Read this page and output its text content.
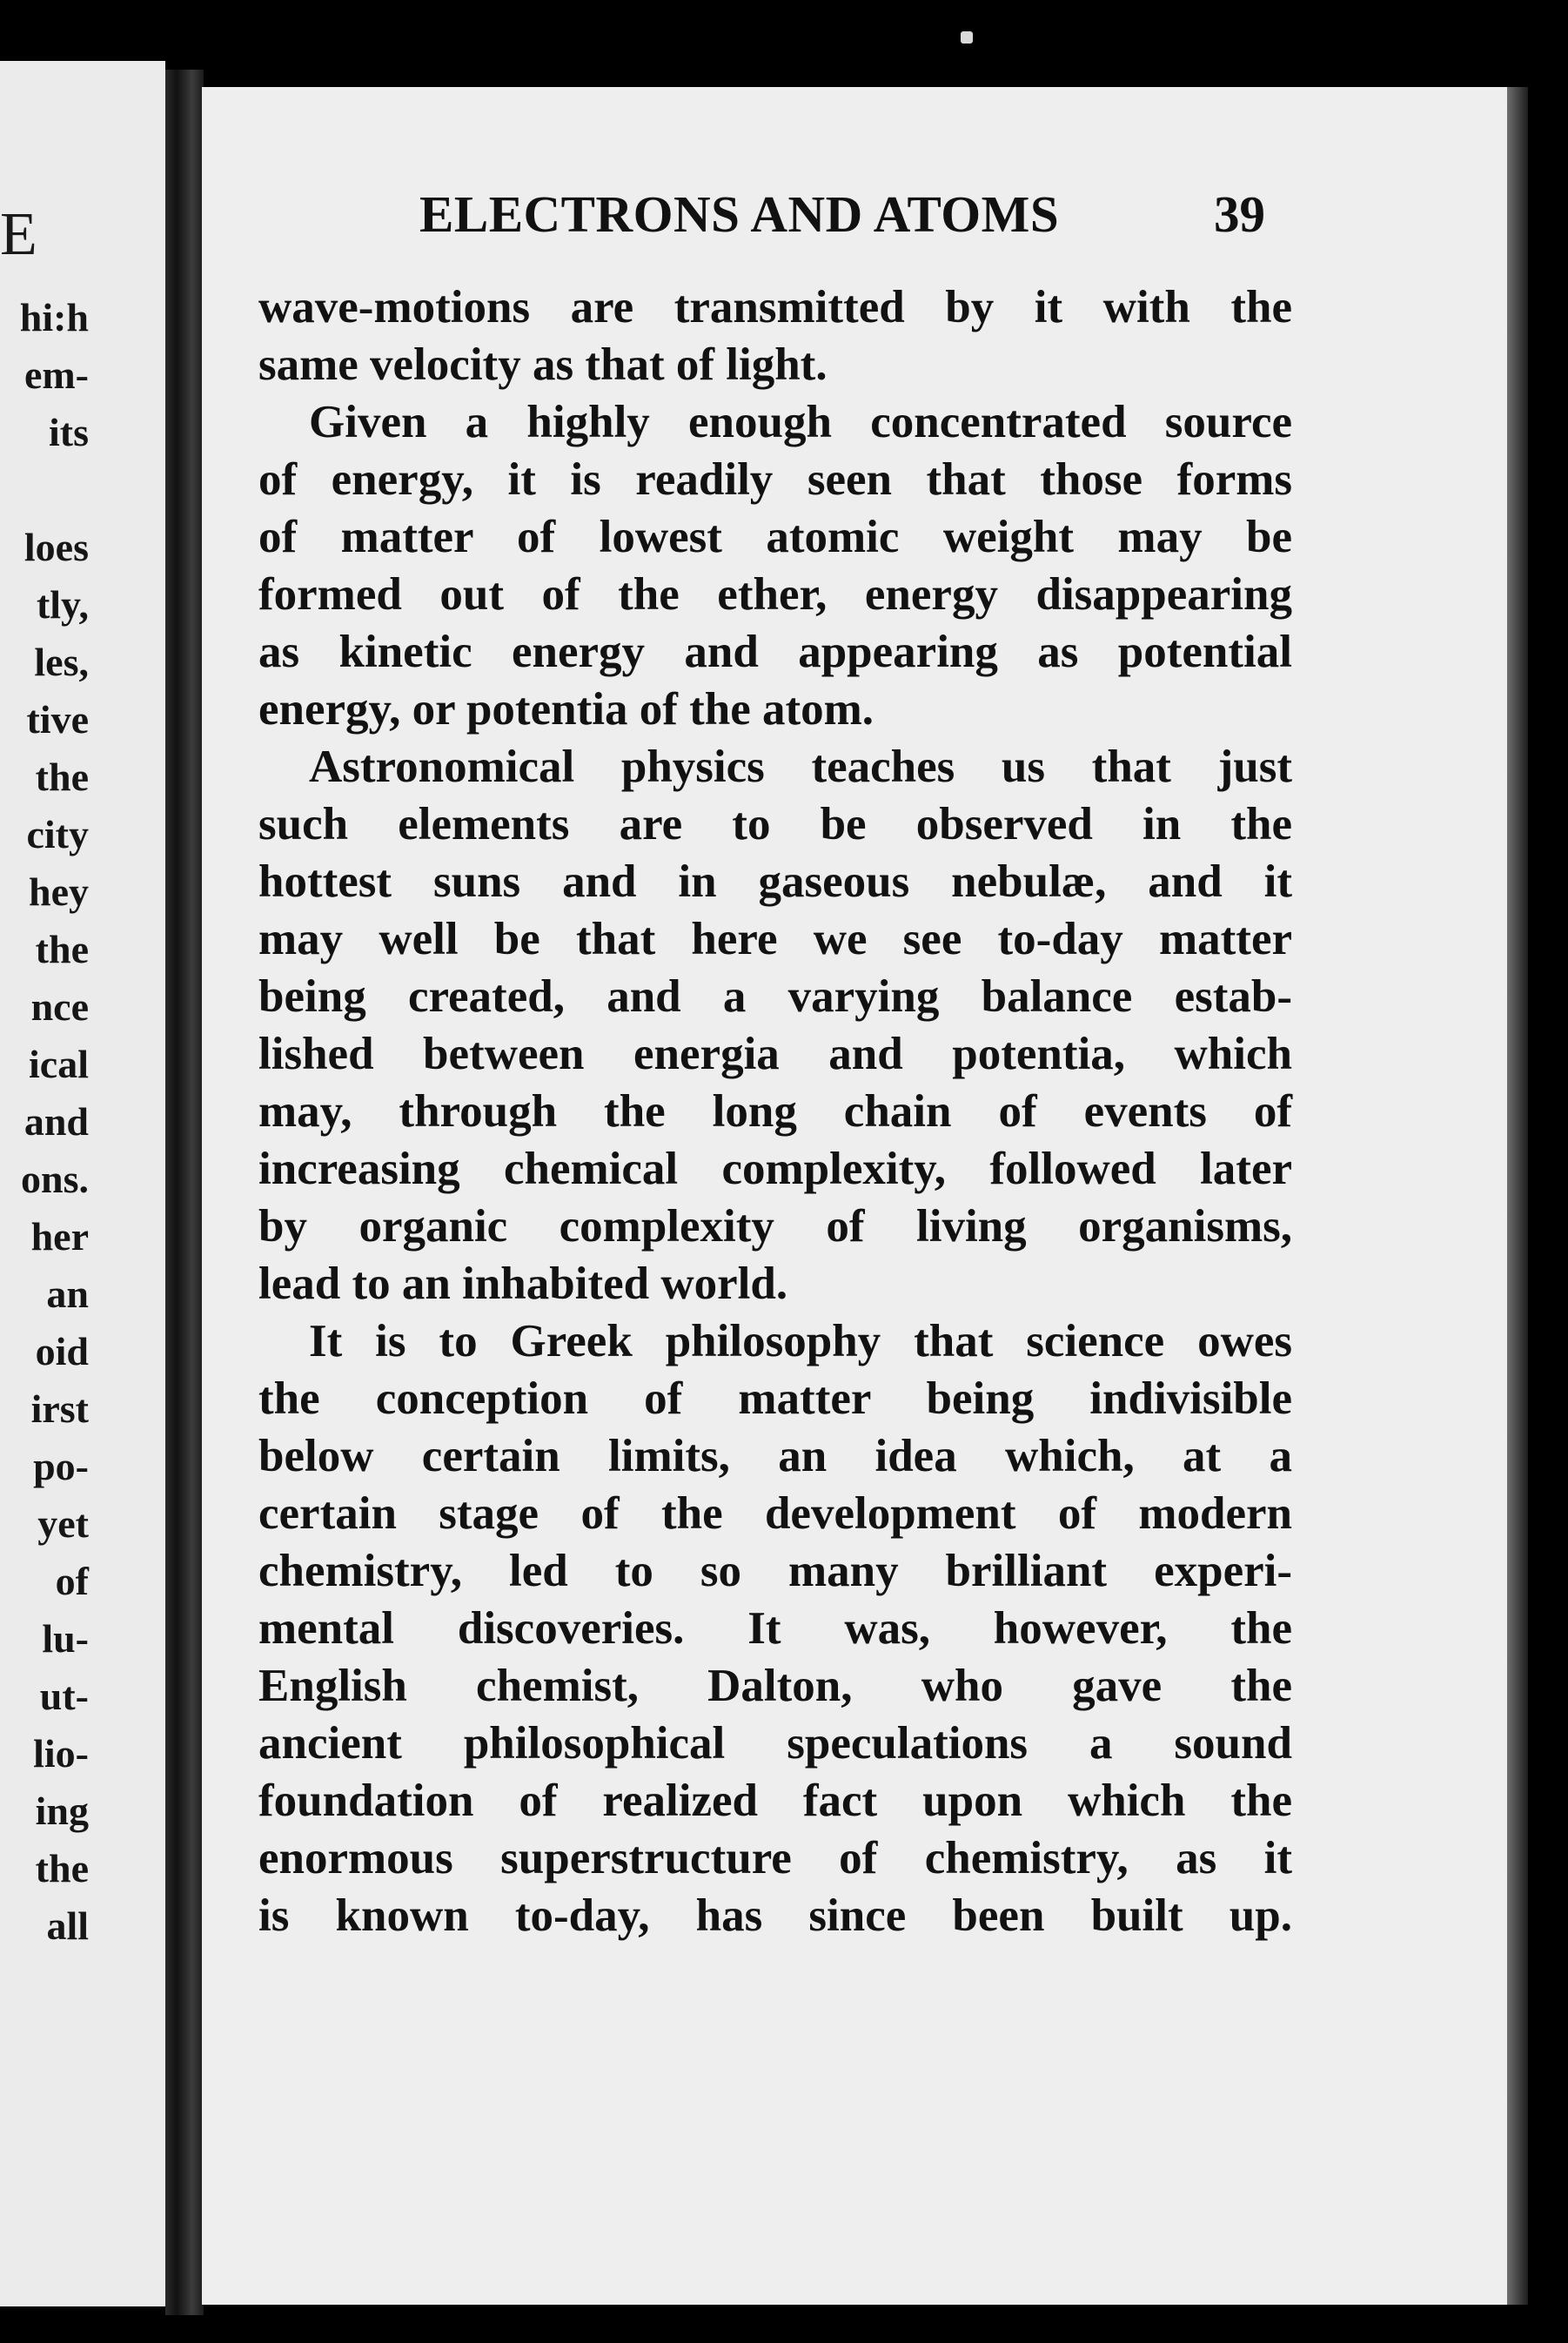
E
hi:h
em-
its

loes
tly,
les,
tive
the
city
hey
the
nce
ical
and
ons.
her
an
oid
irst
po-
yet
of
lu-
ut-
lio-
ing
the
all
ELECTRONS AND ATOMS	39

wave-motions are transmitted by it with the

same velocity as that of light.

Given a highly enough concentrated source

of energy, it is readily seen that those forms

of matter of lowest atomic weight may be

formed out of the ether, energy disappearing

as kinetic energy and appearing as potential

energy, or potentia of the atom.

Astronomical physics teaches us that just

such elements are to be observed in the

hottest suns and in gaseous nebulæ, and it

may well be that here we see to-day matter

being created, and a varying balance estab-

lished between energia and potentia, which

may, through the long chain of events of

increasing chemical complexity, followed later

by organic complexity of living organisms,

lead to an inhabited world.

It is to Greek philosophy that science owes

the conception of matter being indivisible

below certain limits, an idea which, at a

certain stage of the development of modern

chemistry, led to so many brilliant experi-

mental discoveries. It was, however, the

English chemist, Dalton, who gave the

ancient philosophical speculations a sound

foundation of realized fact upon which the

enormous superstructure of chemistry, as it

is known to-day, has since been built up.
